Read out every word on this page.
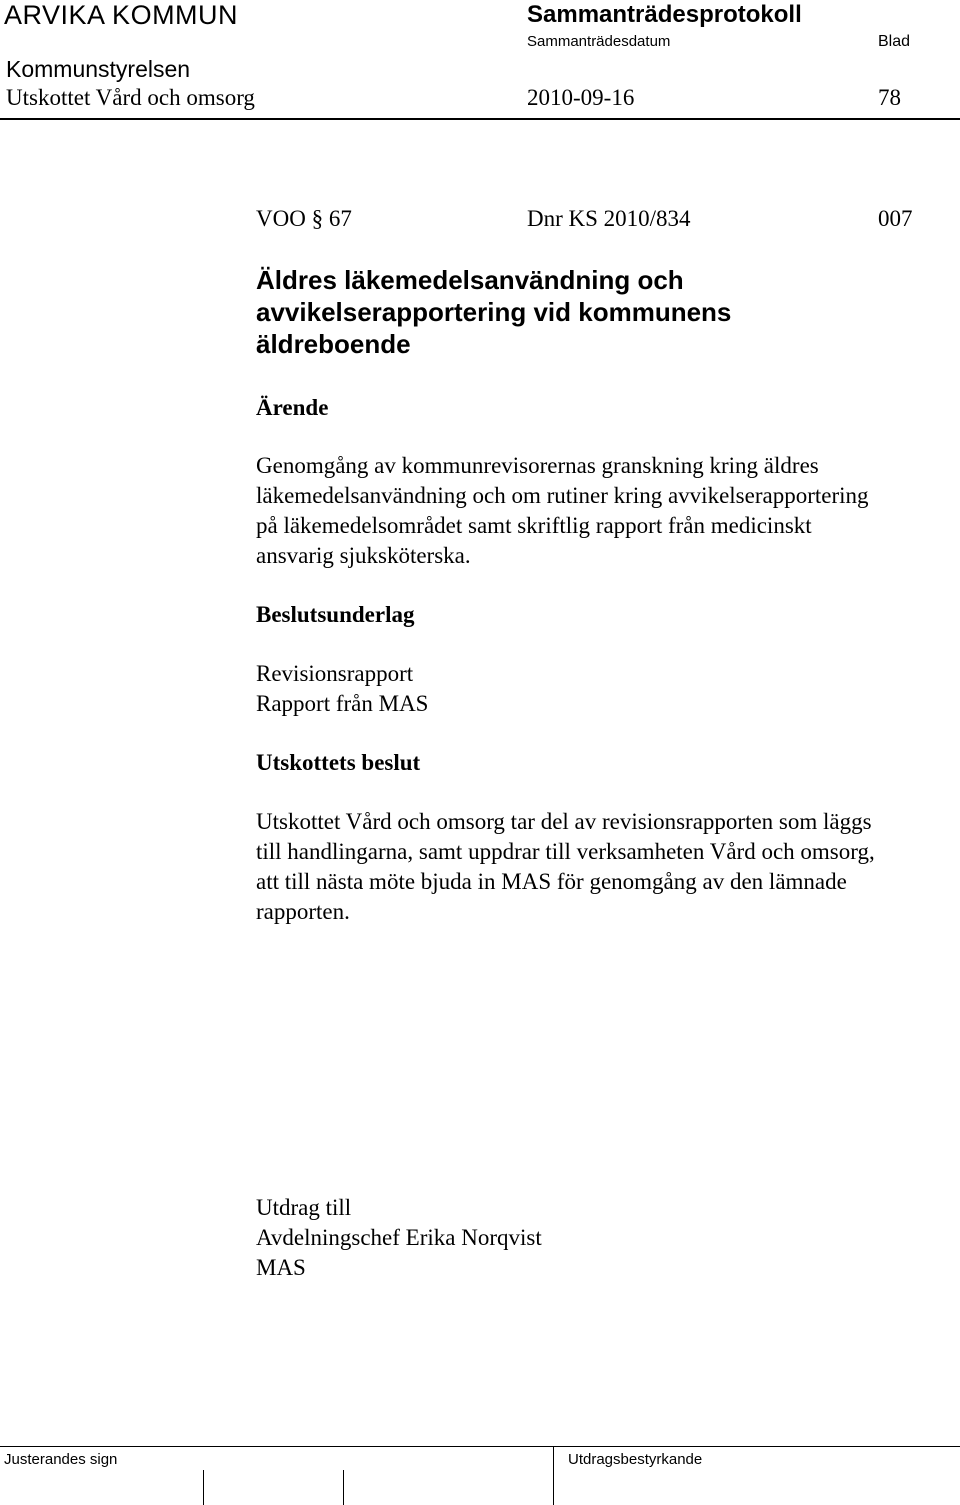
ARVIKA KOMMUN	Sammanträdesprotokoll
Sammanträdesdatum	Blad
Kommunstyrelsen
Utskottet Vård och omsorg	2010-09-16	78
VOO § 67	Dnr KS 2010/834	007
Äldres läkemedelsanvändning och
avvikelserapportering vid kommunens
äldreboende
Ärende
Genomgång av kommunrevisorernas granskning kring äldres
läkemedelsanvändning och om rutiner kring avvikelserapportering
på läkemedelsområdet samt skriftlig rapport från medicinskt
ansvarig sjuksköterska.
Beslutsunderlag
Revisionsrapport
Rapport från MAS
Utskottets beslut
Utskottet Vård och omsorg tar del av revisionsrapporten som läggs
till handlingarna, samt uppdrar till verksamheten Vård och omsorg,
att till nästa möte bjuda in MAS för genomgång av den lämnade
rapporten.
Utdrag till
Avdelningschef Erika Norqvist
MAS
Justerandes sign	Utdragsbestyrkande
